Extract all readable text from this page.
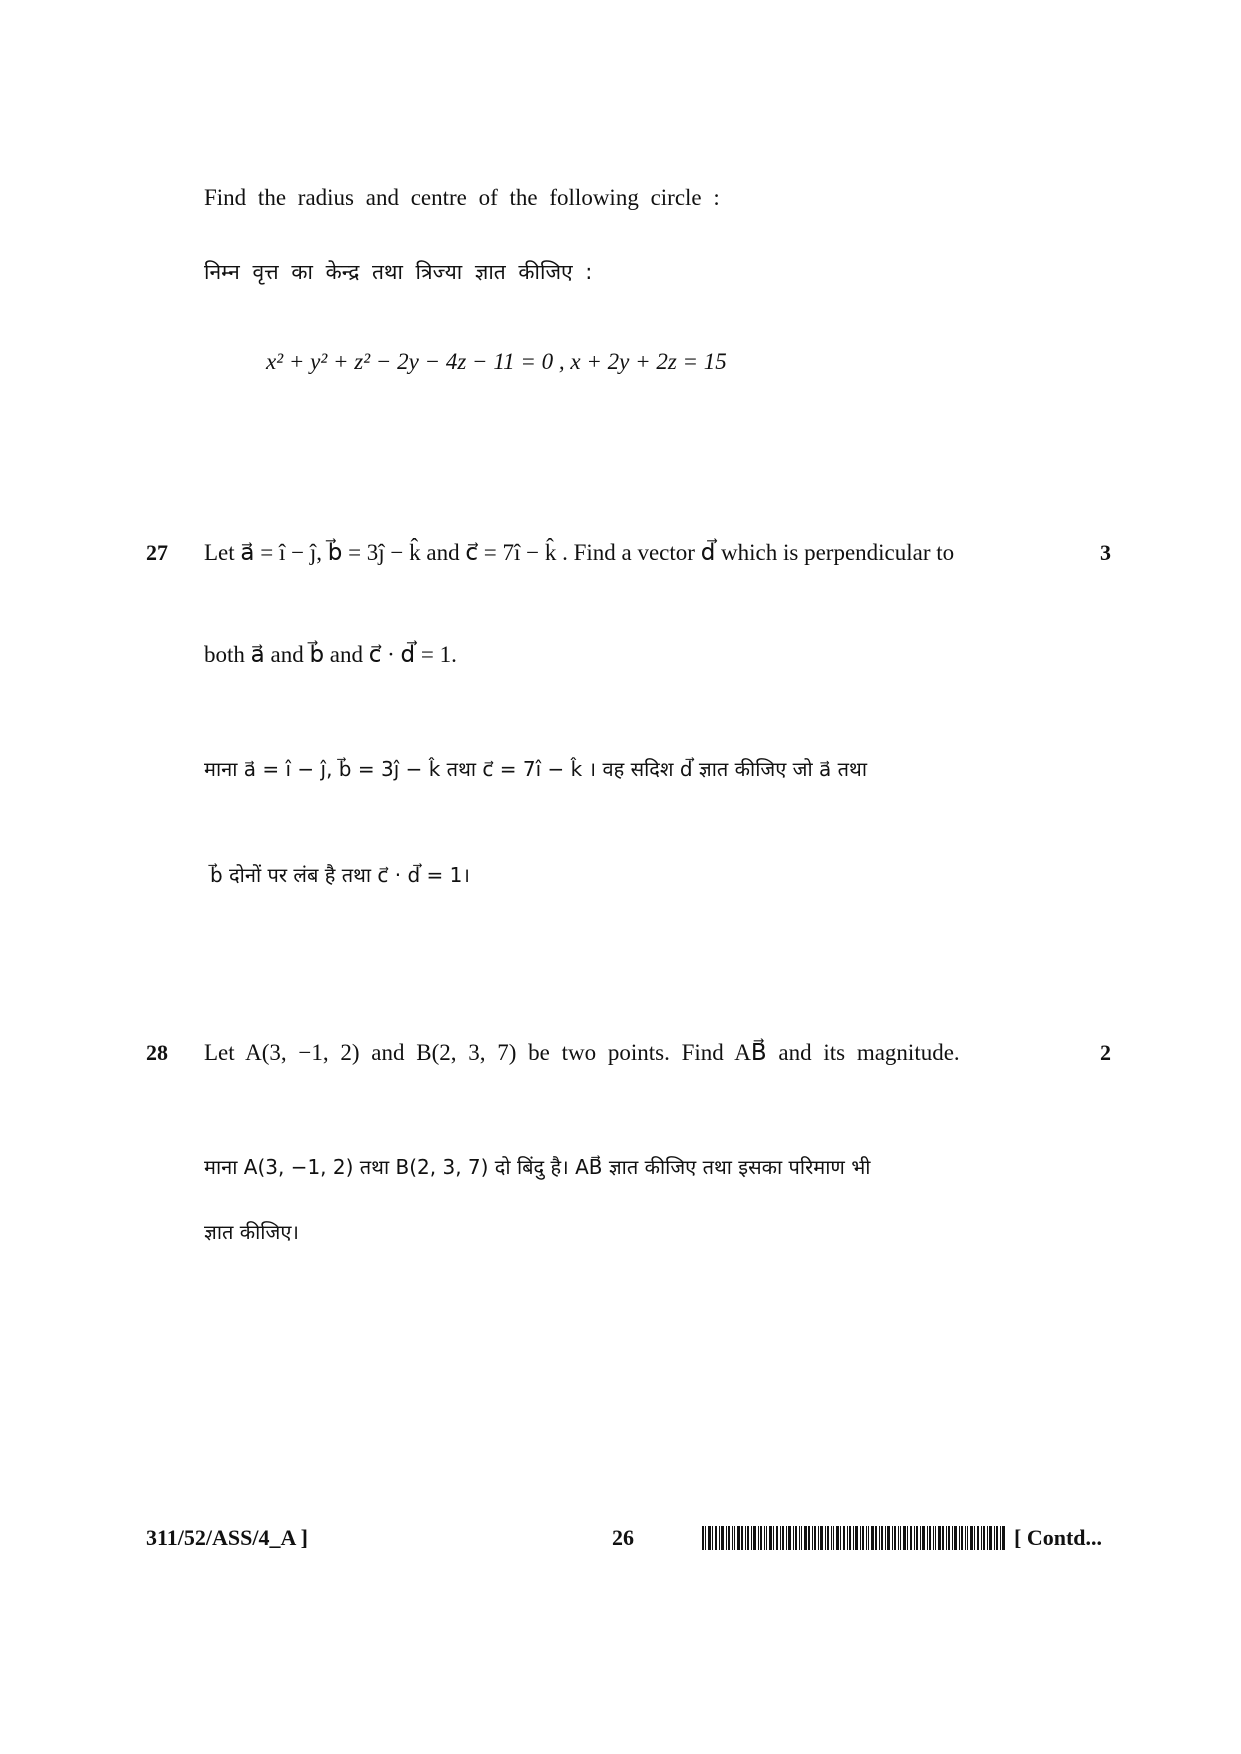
Find the radius and centre of the following circle :
निम्न वृत्त का केन्द्र तथा त्रिज्या ज्ञात कीजिए :
x² + y² + z² − 2y − 4z − 11 = 0 , x + 2y + 2z = 15
27 Let a⃗ = î − ĵ, b⃗ = 3ĵ − k̂ and c⃗ = 7î − k̂ . Find a vector d⃗ which is perpendicular to	3
both a⃗ and b⃗ and c⃗ · d⃗ = 1.
माना a⃗ = î − ĵ, b⃗ = 3ĵ − k̂ तथा c⃗ = 7î − k̂ । वह सदिश d⃗ ज्ञात कीजिए जो a⃗ तथा
b⃗ दोनों पर लंब है तथा c⃗ · d⃗ = 1।
28 Let A(3, −1, 2) and B(2, 3, 7) be two points. Find AB⃗ and its magnitude.	2
माना A(3, −1, 2) तथा B(2, 3, 7) दो बिंदु है। AB⃗ ज्ञात कीजिए तथा इसका परिमाण भी
ज्ञात कीजिए।
311/52/ASS/4_A ]	26	[ Contd...
